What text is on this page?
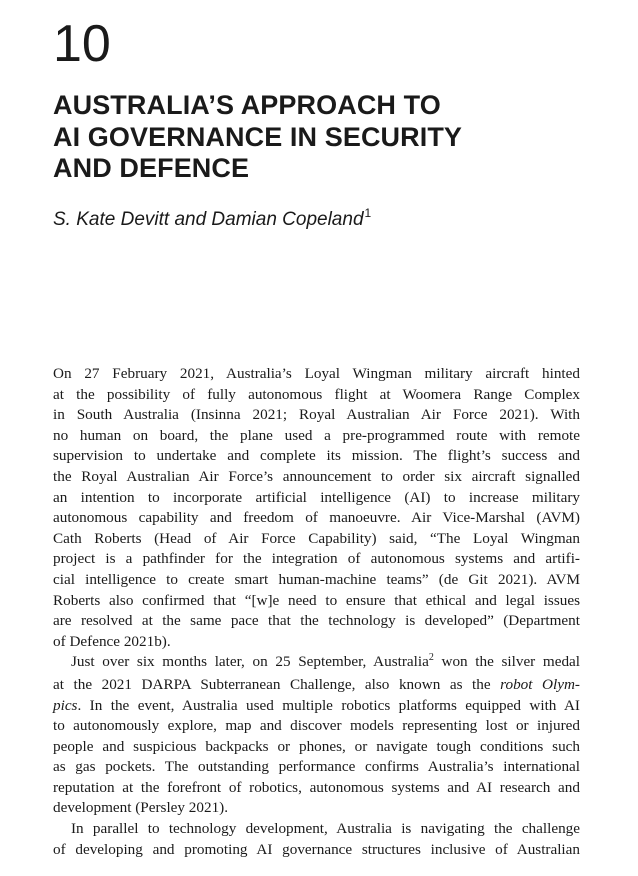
10
AUSTRALIA’S APPROACH TO
AI GOVERNANCE IN SECURITY
AND DEFENCE
S. Kate Devitt and Damian Copeland$^1$

On 27 February 2021, Australia’s Loyal Wingman military aircraft hinted
at the possibility of fully autonomous flight at Woomera Range Complex
in South Australia (Insinna 2021; Royal Australian Air Force 2021). With
no human on board, the plane used a pre-programmed route with remote
supervision to undertake and complete its mission. The flight’s success and
the Royal Australian Air Force’s announcement to order six aircraft signalled
an intention to incorporate artificial intelligence (AI) to increase military
autonomous capability and freedom of manoeuvre. Air Vice-Marshal (AVM)
Cath Roberts (Head of Air Force Capability) said, “The Loyal Wingman
project is a pathfinder for the integration of autonomous systems and artifi-
cial intelligence to create smart human-machine teams” (de Git 2021). AVM
Roberts also confirmed that “[w]e need to ensure that ethical and legal issues
are resolved at the same pace that the technology is developed” (Department
of Defence 2021b).

Just over six months later, on 25 September, Australia$^2$ won the silver medal
at the 2021 DARPA Subterranean Challenge, also known as the robot Olym-
pics. In the event, Australia used multiple robotics platforms equipped with AI
to autonomously explore, map and discover models representing lost or injured
people and suspicious backpacks or phones, or navigate tough conditions such
as gas pockets. The outstanding performance confirms Australia’s international
reputation at the forefront of robotics, autonomous systems and AI research and
development (Persley 2021).

In parallel to technology development, Australia is navigating the challenge
of developing and promoting AI governance structures inclusive of Australian
